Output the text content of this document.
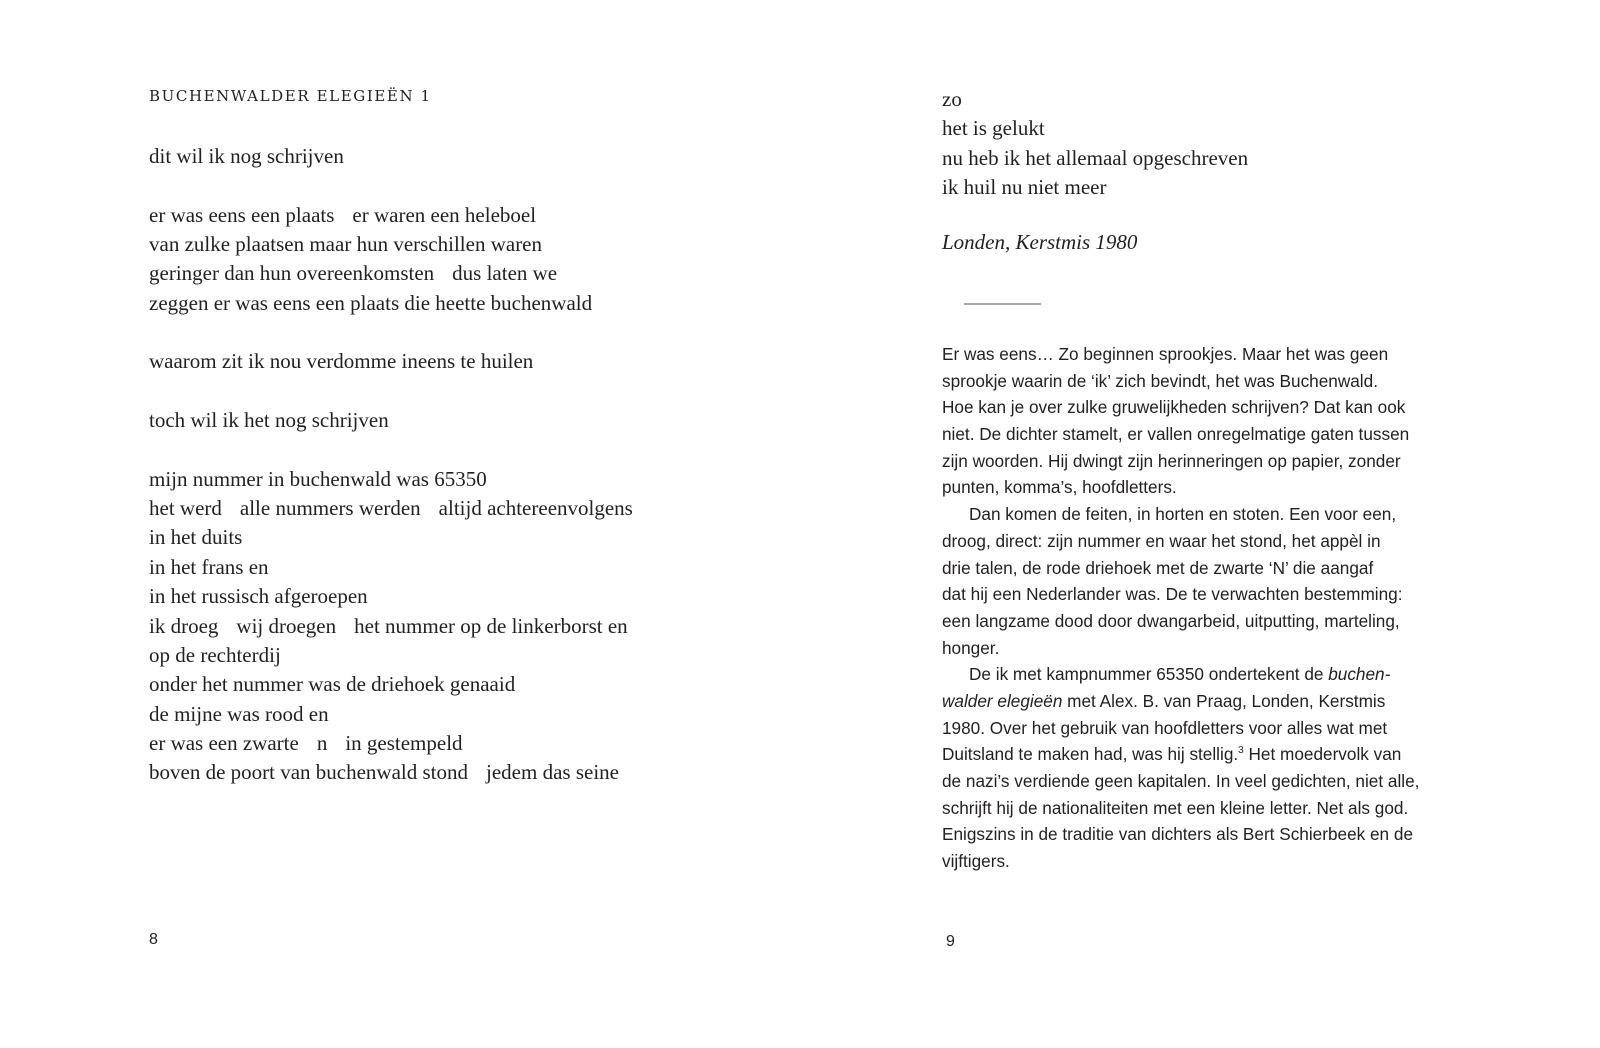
BUCHENWALDER ELEGIEËN 1
dit wil ik nog schrijven
er was eens een plaats er waren een heleboel
van zulke plaatsen maar hun verschillen waren
geringer dan hun overeenkomsten dus laten we
zeggen er was eens een plaats die heette buchenwald
waarom zit ik nou verdomme ineens te huilen
toch wil ik het nog schrijven
mijn nummer in buchenwald was 65350
het werd alle nummers werden altijd achtereenvolgens
in het duits
in het frans en
in het russisch afgeroepen
ik droeg wij droegen het nummer op de linkerborst en
op de rechterdij
onder het nummer was de driehoek genaaid
de mijne was rood en
er was een zwarte n in gestempeld
boven de poort van buchenwald stond jedem das seine
8
zo
het is gelukt
nu heb ik het allemaal opgeschreven
ik huil nu niet meer
Londen, Kerstmis 1980
Er was eens… Zo beginnen sprookjes. Maar het was geen
sprookje waarin de ‘ik’ zich bevindt, het was Buchenwald.
Hoe kan je over zulke gruwelijkheden schrijven? Dat kan ook
niet. De dichter stamelt, er vallen onregelmatige gaten tussen
zijn woorden. Hij dwingt zijn herinneringen op papier, zonder
punten, komma’s, hoofdletters.
Dan komen de feiten, in horten en stoten. Een voor een,
droog, direct: zijn nummer en waar het stond, het appèl in
drie talen, de rode driehoek met de zwarte ‘N’ die aangaf
dat hij een Nederlander was. De te verwachten bestemming:
een langzame dood door dwangarbeid, uitputting, marteling,
honger.
De ik met kampnummer 65350 ondertekent de buchen-
walder elegieën met Alex. B. van Praag, Londen, Kerstmis
1980. Over het gebruik van hoofdletters voor alles wat met
Duitsland te maken had, was hij stellig.$^3$ Het moedervolk van
de nazi’s verdiende geen kapitalen. In veel gedichten, niet alle,
schrijft hij de nationaliteiten met een kleine letter. Net als god.
Enigszins in de traditie van dichters als Bert Schierbeek en de
vijftigers.
9
